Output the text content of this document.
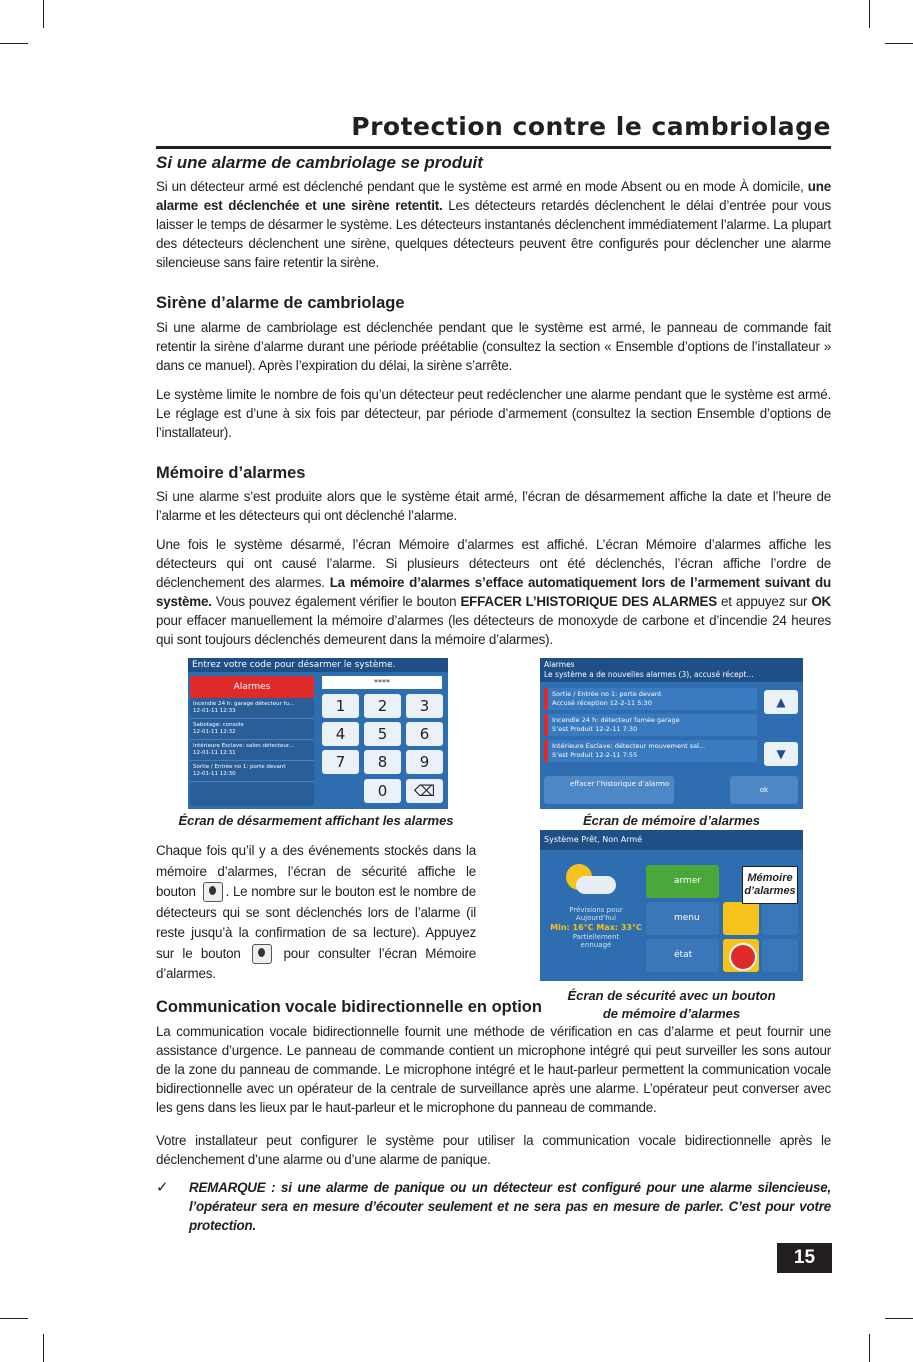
Protection contre le cambriolage
Si une alarme de cambriolage se produit
Si un détecteur armé est déclenché pendant que le système est armé en mode Absent ou en mode À domicile, une alarme est déclenchée et une sirène retentit. Les détecteurs retardés déclenchent le délai d’entrée pour vous laisser le temps de désarmer le système. Les détecteurs instantanés déclenchent immédiatement l’alarme. La plupart des détecteurs déclenchent une sirène, quelques détecteurs peuvent être configurés pour déclencher une alarme silencieuse sans faire retentir la sirène.
Sirène d’alarme de cambriolage
Si une alarme de cambriolage est déclenchée pendant que le système est armé, le panneau de commande fait retentir la sirène d’alarme durant une période préétablie (consultez la section « Ensemble d’options de l’installateur » dans ce manuel). Après l’expiration du délai, la sirène s’arrête.
Le système limite le nombre de fois qu’un détecteur peut redéclencher une alarme pendant que le système est armé. Le réglage est d’une à six fois par détecteur, par période d’armement (consultez la section Ensemble d’options de l’installateur).
Mémoire d’alarmes
Si une alarme s’est produite alors que le système était armé, l’écran de désarmement affiche la date et l’heure de l’alarme et les détecteurs qui ont déclenché l’alarme.
Une fois le système désarmé, l’écran Mémoire d’alarmes est affiché. L’écran Mémoire d’alarmes affiche les détecteurs qui ont causé l’alarme. Si plusieurs détecteurs ont été déclenchés, l’écran affiche l’ordre de déclenchement des alarmes. La mémoire d’alarmes s’efface automatiquement lors de l’armement suivant du système. Vous pouvez également vérifier le bouton EFFACER L’HISTORIQUE DES ALARMES et appuyez sur OK pour effacer manuellement la mémoire d’alarmes (les détecteurs de monoxyde de carbone et d’incendie 24 heures qui sont toujours déclenchés demeurent dans la mémoire d’alarmes).
Entrez votre code pour désarmer le système.
Alarmes
Incendie 24 h: garage détecteur fu...
12-01-11 12:33
Sabotage: console
12-01-11 12:32
Intérieure Esclave: salon détecteur...
12-01-11 12:31
Sortie / Entrée no 1: porte devant
12-01-11 12:30
****
1	2	3
4	5	6
7	8	9
0	⌫
Écran de désarmement affichant les alarmes
Alarmes
Le système a de nouvelles alarmes (3), accusé récept...
Sortie / Entrée no 1: porte devant
Accusé réception 12-2-11 5:30
Incendie 24 h: détecteur fumée garage
S’est Produit 12-2-11 7:30
Intérieure Esclave: détecteur mouvement sal...
S’est Produit 12-2-11 7:55
▲
▼
effacer l’historique d’alarmo
ok
Écran de mémoire d’alarmes
Chaque fois qu’il y a des événements stockés dans la mémoire d’alarmes, l’écran de sécurité affiche le bouton . Le nombre sur le bouton est le nombre de détecteurs qui se sont déclenchés lors de l’alarme (il reste jusqu’à la confirmation de sa lecture). Appuyez sur le bouton  pour consulter l’écran Mémoire d’alarmes.
Système Prêt, Non Armé
Prévisions pour
Aujourd’hui
Min: 16°C Max: 33°C
Partiellement
ennuagé
armer
menu
état
Mémoire
d’alarmes
Écran de sécurité avec un bouton
de mémoire d’alarmes
Communication vocale bidirectionnelle en option
La communication vocale bidirectionnelle fournit une méthode de vérification en cas d’alarme et peut fournir une assistance d’urgence. Le panneau de commande contient un microphone intégré qui peut surveiller les sons autour de la zone du panneau de commande. Le microphone intégré et le haut-parleur permettent la communication vocale bidirectionnelle avec un opérateur de la centrale de surveillance après une alarme. L’opérateur peut converser avec les gens dans les lieux par le haut-parleur et le microphone du panneau de commande.
Votre installateur peut configurer le système pour utiliser la communication vocale bidirectionnelle après le déclenchement d’une alarme ou d’une alarme de panique.
✓	REMARQUE : si une alarme de panique ou un détecteur est configuré pour une alarme silencieuse, l’opérateur sera en mesure d’écouter seulement et ne sera pas en mesure de parler. C’est pour votre protection.
15
